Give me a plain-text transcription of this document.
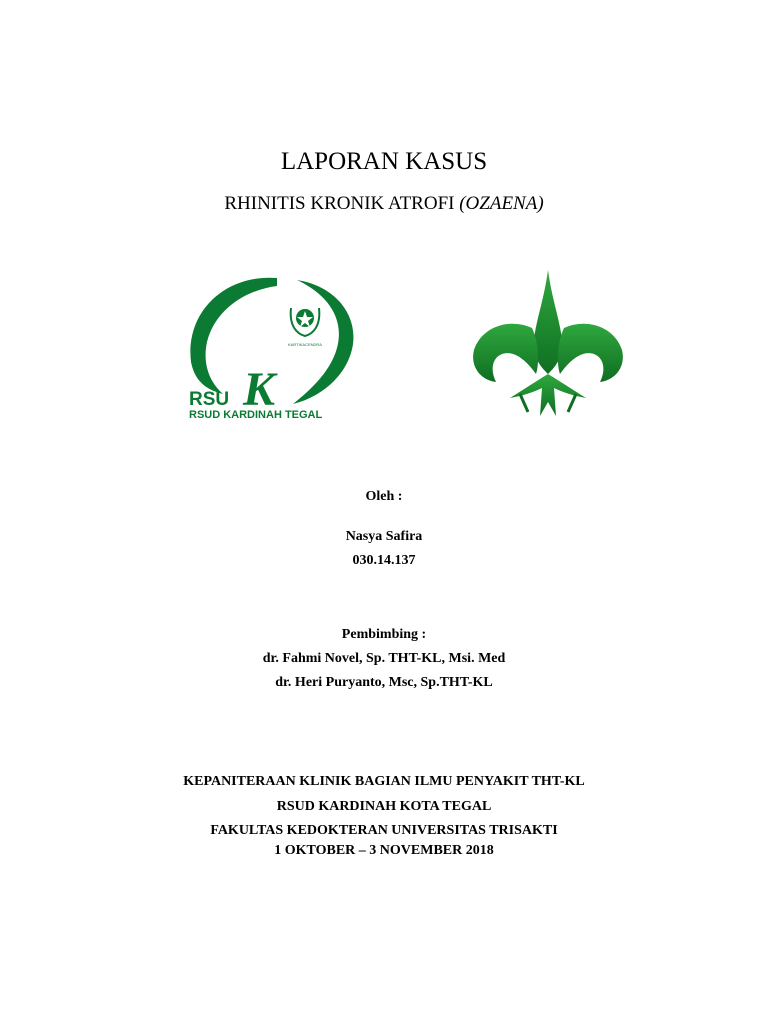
LAPORAN KASUS
RHINITIS KRONIK ATROFI (OZAENA)
KARTIKACENDRA
RSU K
RSUD KARDINAH TEGAL
Oleh :
Nasya Safira
030.14.137
Pembimbing :
dr. Fahmi Novel, Sp. THT-KL, Msi. Med
dr. Heri Puryanto, Msc, Sp.THT-KL
KEPANITERAAN KLINIK BAGIAN ILMU PENYAKIT THT-KL
RSUD KARDINAH KOTA TEGAL
FAKULTAS KEDOKTERAN UNIVERSITAS TRISAKTI
1 OKTOBER – 3 NOVEMBER 2018
